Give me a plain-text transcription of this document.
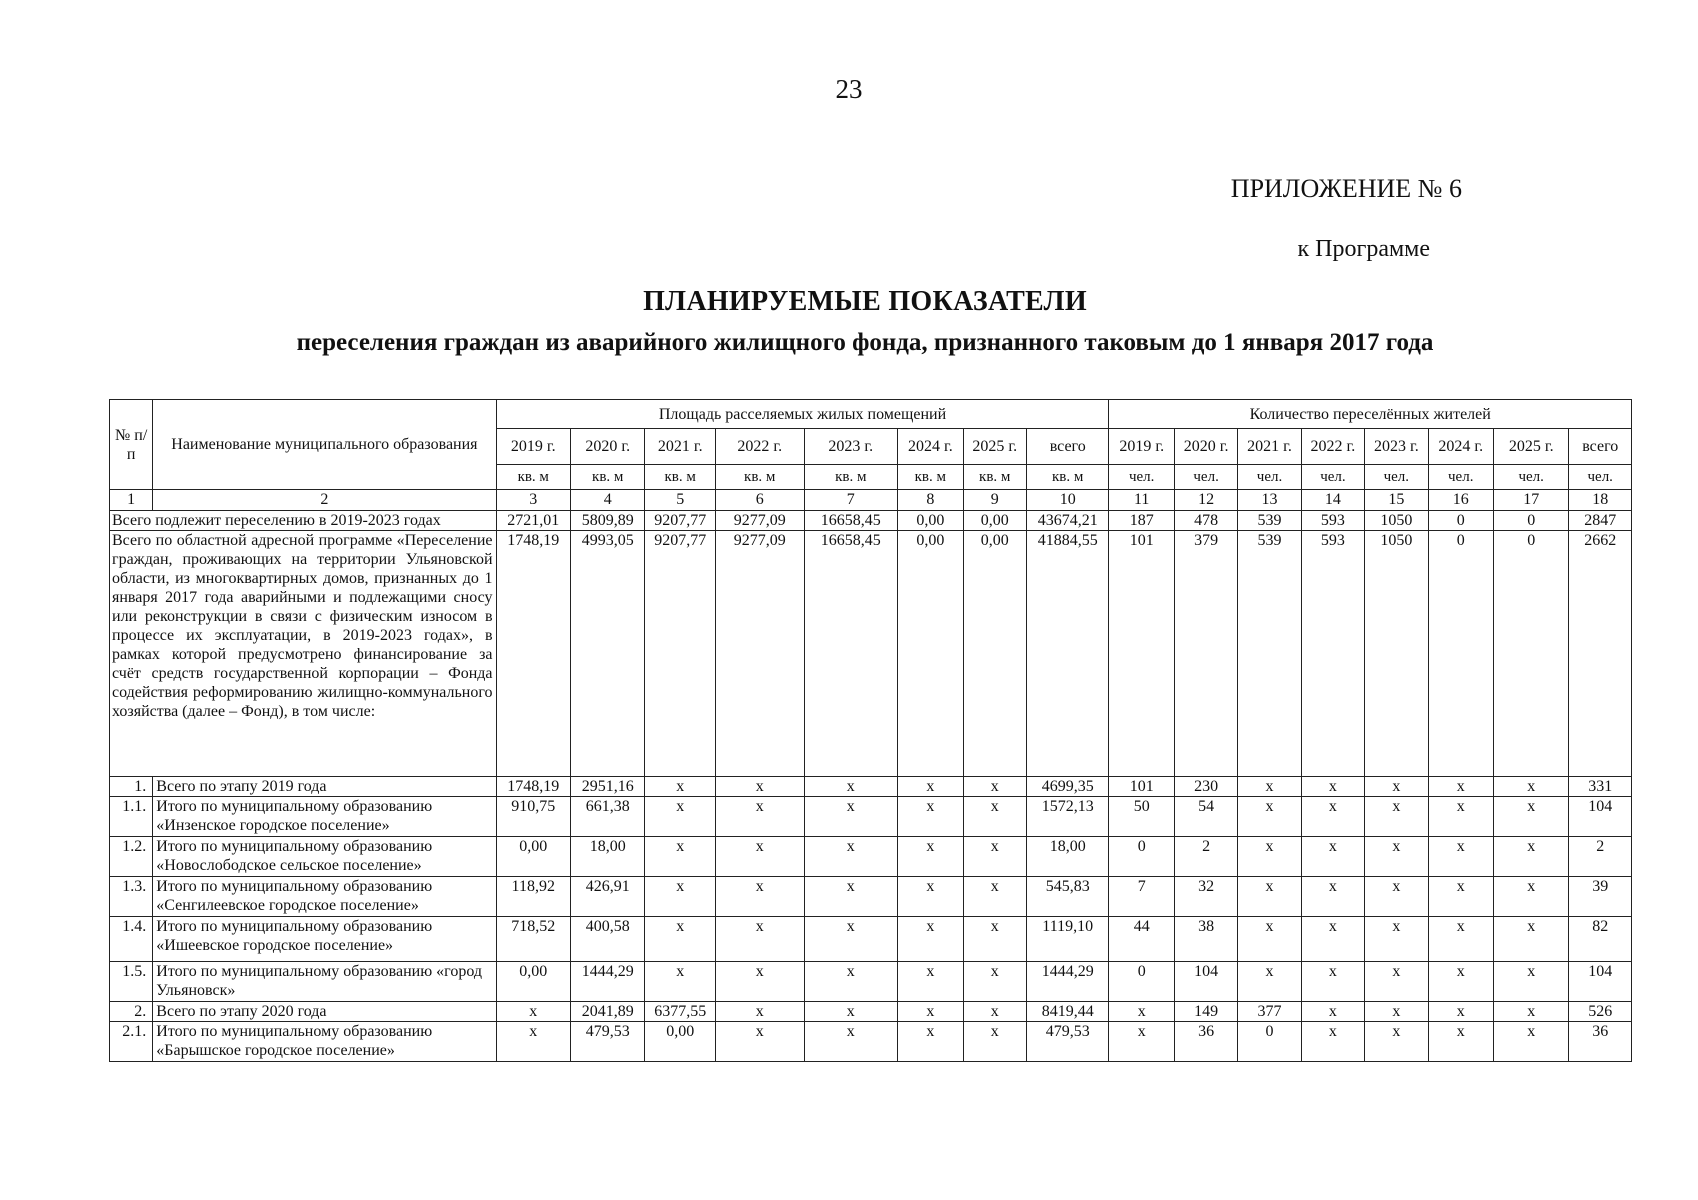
23
ПРИЛОЖЕНИЕ № 6
к Программе
ПЛАНИРУЕМЫЕ ПОКАЗАТЕЛИ
переселения граждан из аварийного жилищного фонда, признанного таковым до 1 января 2017 года
№ п/п	Наименование муниципального образования	Площадь расселяемых жилых помещений								Количество переселённых жителей							
		2019 г.	2020 г.	2021 г.	2022 г.	2023 г.	2024 г.	2025 г.	всего	2019 г.	2020 г.	2021 г.	2022 г.	2023 г.	2024 г.	2025 г.	всего
		кв. м	кв. м	кв. м	кв. м	кв. м	кв. м	кв. м	кв. м	чел.	чел.	чел.	чел.	чел.	чел.	чел.	чел.
1	2	3	4	5	6	7	8	9	10	11	12	13	14	15	16	17	18
Всего подлежит переселению в 2019-2023 годах		2721,01	5809,89	9207,77	9277,09	16658,45	0,00	0,00	43674,21	187	478	539	593	1050	0	0	2847
Всего по областной адресной программе «Переселение граждан, проживающих на территории Ульяновской области, из многоквартирных домов, признанных до 1 января 2017 года аварийными и подлежащими сносу или реконструкции в связи с физическим износом в процессе их эксплуатации, в 2019-2023 годах», в рамках которой предусмотрено финансирование за счёт средств государственной корпорации – Фонда содействия реформированию жилищно-коммунального хозяйства (далее – Фонд), в том числе:		1748,19	4993,05	9207,77	9277,09	16658,45	0,00	0,00	41884,55	101	379	539	593	1050	0	0	2662
1.	Всего по этапу 2019 года	1748,19	2951,16	x	x	x	x	x	4699,35	101	230	x	x	x	x	x	331
1.1.	Итого по муниципальному образованию «Инзенское городское поселение»	910,75	661,38	x	x	x	x	x	1572,13	50	54	x	x	x	x	x	104
1.2.	Итого по муниципальному образованию «Новослободское сельское поселение»	0,00	18,00	x	x	x	x	x	18,00	0	2	x	x	x	x	x	2
1.3.	Итого по муниципальному образованию «Сенгилеевское городское поселение»	118,92	426,91	x	x	x	x	x	545,83	7	32	x	x	x	x	x	39
1.4.	Итого по муниципальному образованию «Ишеевское городское поселение»	718,52	400,58	x	x	x	x	x	1119,10	44	38	x	x	x	x	x	82
1.5.	Итого по муниципальному образованию «город Ульяновск»	0,00	1444,29	x	x	x	x	x	1444,29	0	104	x	x	x	x	x	104
2.	Всего по этапу 2020 года	x	2041,89	6377,55	x	x	x	x	8419,44	x	149	377	x	x	x	x	526
2.1.	Итого по муниципальному образованию «Барышское городское поселение»	x	479,53	0,00	x	x	x	x	479,53	x	36	0	x	x	x	x	36
